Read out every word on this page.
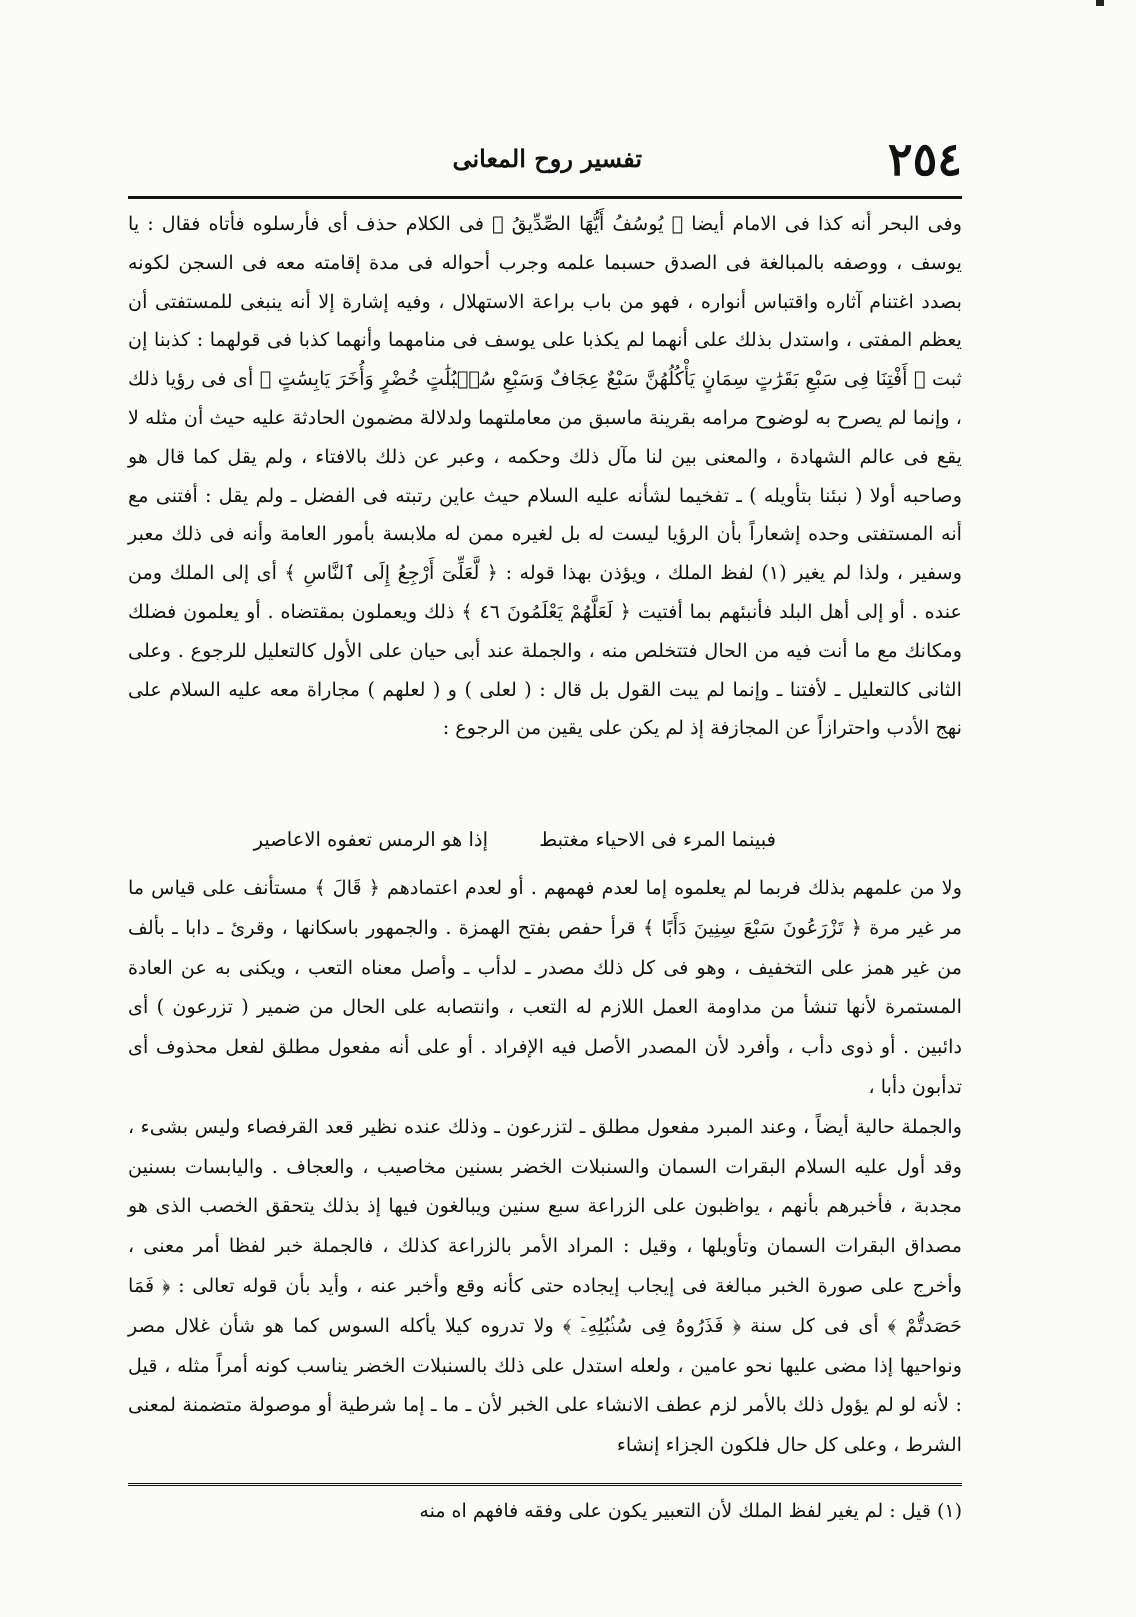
٢٥٤
تفسير روح المعانى

وفى البحر أنه كذا فى الامام أيضا ﴿ يُوسُفُ أَيُّهَا الصِّدِّيقُ ﴾ فى الكلام حذف أى فأرسلوه فأتاه فقال : يا يوسف ، ووصفه بالمبالغة فى الصدق حسبما علمه وجرب أحواله فى مدة إقامته معه فى السجن لكونه بصدد اغتنام آثاره واقتباس أنواره ، فهو من باب براعة الاستهلال ، وفيه إشارة إلا أنه ينبغى للمستفتى أن يعظم المفتى ، واستدل بذلك على أنهما لم يكذبا على يوسف فى منامهما وأنهما كذبا فى قولهما : كذبنا إن ثبت ﴿ أَفْتِنَا فِى سَبْعِ بَقَرَٰتٍ سِمَانٍ يَأْكُلُهُنَّ سَبْعٌ عِجَافٌ وَسَبْعِ سُنۢبُلَٰتٍ خُضْرٍ وَأُخَرَ يَابِسَٰتٍ ﴾ أى فى رؤيا ذلك ، وإنما لم يصرح به لوضوح مرامه بقرينة ماسبق من معاملتهما ولدلالة مضمون الحادثة عليه حيث أن مثله لا يقع فى عالم الشهادة ، والمعنى بين لنا مآل ذلك وحكمه ، وعبر عن ذلك بالافتاء ، ولم يقل كما قال هو وصاحبه أولا ( نبئنا بتأويله ) ـ تفخيما لشأنه عليه السلام حيث عاين رتبته فى الفضل ـ ولم يقل : أفتنى مع أنه المستفتى وحده إشعاراً بأن الرؤيا ليست له بل لغيره ممن له ملابسة بأمور العامة وأنه فى ذلك معبر وسفير ، ولذا لم يغير (١) لفظ الملك ، ويؤذن بهذا قوله : ﴿ لَّعَلِّىٓ أَرْجِعُ إِلَى ٱلنَّاسِ ﴾ أى إلى الملك ومن عنده . أو إلى أهل البلد فأنبئهم بما أفتيت ﴿ لَعَلَّهُمْ يَعْلَمُونَ ٤٦ ﴾ ذلك ويعملون بمقتضاه . أو يعلمون فضلك ومكانك مع ما أنت فيه من الحال فتتخلص منه ، والجملة عند أبى حيان على الأول كالتعليل للرجوع . وعلى الثانى كالتعليل ـ لأفتنا ـ وإنما لم يبت القول بل قال : ( لعلى ) و ( لعلهم ) مجاراة معه عليه السلام على نهج الأدب واحترازاً عن المجازفة إذ لم يكن على يقين من الرجوع :

فبينما المرء فى الاحياء مغتبط
إذا هو الرمس تعفوه الاعاصير

ولا من علمهم بذلك فربما لم يعلموه إما لعدم فهمهم . أو لعدم اعتمادهم ﴿ قَالَ ﴾ مستأنف على قياس ما مر غير مرة ﴿ تَزْرَعُونَ سَبْعَ سِنِينَ دَأَبًا ﴾ قرأ حفص بفتح الهمزة . والجمهور باسكانها ، وقرئ ـ دابا ـ بألف من غير همز على التخفيف ، وهو فى كل ذلك مصدر ـ لدأب ـ وأصل معناه التعب ، ويكنى به عن العادة المستمرة لأنها تنشأ من مداومة العمل اللازم له التعب ، وانتصابه على الحال من ضمير ( تزرعون ) أى دائبين . أو ذوى دأب ، وأفرد لأن المصدر الأصل فيه الإفراد . أو على أنه مفعول مطلق لفعل محذوف أى تدأبون دأبا ،

والجملة حالية أيضاً ، وعند المبرد مفعول مطلق ـ لتزرعون ـ وذلك عنده نظير قعد القرفصاء وليس بشىء ، وقد أول عليه السلام البقرات السمان والسنبلات الخضر بسنين مخاصيب ، والعجاف . واليابسات بسنين مجدبة ، فأخبرهم بأنهم ، يواظبون على الزراعة سبع سنين ويبالغون فيها إذ بذلك يتحقق الخصب الذى هو مصداق البقرات السمان وتأويلها ، وقيل : المراد الأمر بالزراعة كذلك ، فالجملة خبر لفظا أمر معنى ، وأخرج على صورة الخبر مبالغة فى إيجاب إيجاده حتى كأنه وقع وأخبر عنه ، وأيد بأن قوله تعالى : ﴿ فَمَا حَصَدتُّمْ ﴾ أى فى كل سنة ﴿ فَذَرُوهُ فِى سُنۢبُلِهِۦٓ ﴾ ولا تدروه كيلا يأكله السوس كما هو شأن غلال مصر ونواحيها إذا مضى عليها نحو عامين ، ولعله استدل على ذلك بالسنبلات الخضر يناسب كونه أمراً مثله ، قيل : لأنه لو لم يؤول ذلك بالأمر لزم عطف الانشاء على الخبر لأن ـ ما ـ إما شرطية أو موصولة متضمنة لمعنى الشرط ، وعلى كل حال فلكون الجزاء إنشاء

(١) قيل : لم يغير لفظ الملك لأن التعبير يكون على وفقه فافهم اه منه
